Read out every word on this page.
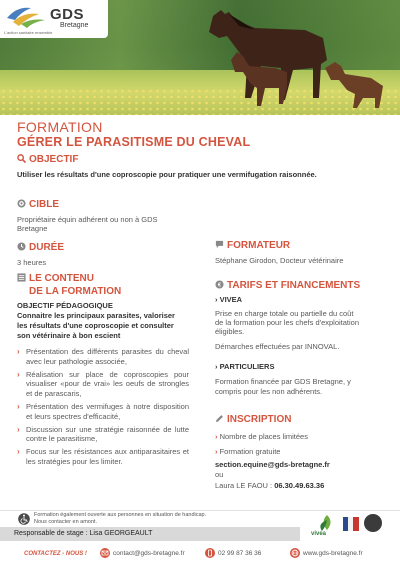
GDS
Bretagne
L'action sanitaire ensemble
FORMATION
GÉRER LE PARASITISME DU CHEVAL
OBJECTIF
Utiliser les résultats d'une coproscopie pour pratiquer une vermifugation raisonnée.
CIBLE
Propriétaire équin adhérent ou non à GDS
Bretagne
DURÉE
3 heures
LE CONTENU
DE LA FORMATION
OBJECTIF PÉDAGOGIQUE
Connaitre les principaux parasites, valoriser
les résultats d'une coproscopie et consulter
son vétérinaire à bon escient
› Présentation des différents parasites du cheval avec leur pathologie associée,
› Réalisation sur place de coproscopies pour visualiser «pour de vrai» les oeufs de strongles et de parascaris,
› Présentation des vermifuges à notre disposition et leurs spectres d'efficacité,
› Discussion sur une stratégie raisonnée de lutte contre le parasitisme,
› Focus sur les résistances aux antiparasitaires et les stratégies pour les limiter.
FORMATEUR
Stéphane Girodon, Docteur vétérinaire
€ TARIFS ET FINANCEMENTS
› VIVEA
Prise en charge totale ou partielle du coût
de la formation pour les chefs d'exploitation
éligibles.
Démarches effectuées par INNOVAL.
› PARTICULIERS
Formation financée par GDS Bretagne, y
compris pour les non adhérents.
INSCRIPTION
› Nombre de places limitées
› Formation gratuite
section.equine@gds-bretagne.fr
ou
Laura LE FAOU : 06.30.49.63.36
Formation également ouverte aux personnes en situation de handicap.
Nous contacter en amont.
Responsable de stage : Lisa GEORGEAULT	vivea
CONTACTEZ - NOUS !	contact@gds-bretagne.fr	02 99 87 36 36	www.gds-bretagne.fr
